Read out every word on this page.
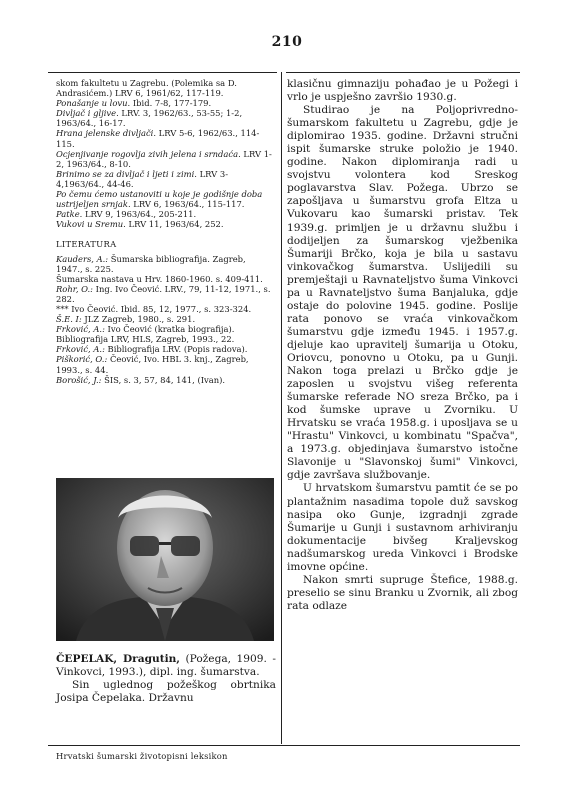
210

skom fakultetu u Zagrebu. (Polemika sa D. Andrasićem.) LRV 6, 1961/62, 117-119.

Ponašanje u lovu. Ibid. 7-8, 177-179.

Divljač i gljive. LRV. 3, 1962/63., 53-55; 1-2, 1963/64., 16-17.

Hrana jelenske divljači. LRV 5-6, 1962/63., 114-115.

Ocjenjivanje rogovlja zivih jelena i srndaća. LRV 1-2, 1963/64., 8-10.

Brinimo se za divljač i ljeti i zimi. LRV 3-4,1963/64., 44-46.

Po čemu ćemo ustanoviti u koje je godišnje doba ustrijeljen srnjak. LRV 6, 1963/64., 115-117.

Patke. LRV 9, 1963/64., 205-211.

Vukovi u Sremu. LRV 11, 1963/64, 252.

LITERATURA

Kauders, A.: Šumarska bibliografija. Zagreb, 1947., s. 225.

Šumarska nastava u Hrv. 1860-1960. s. 409-411.

Rohr, O.: Ing. Ivo Čeović. LRV., 79, 11-12, 1971., s. 282.

*** Ivo Čeović. Ibid. 85, 12, 1977., s. 323-324.

Š.E. I: JLZ Zagreb, 1980., s. 291.

Frković, A.: Ivo Čeović (kratka biografija). Bibliografija LRV, HLS, Zagreb, 1993., 22.

Frković, A.: Bibliografija LRV. (Popis radova).

Piškorić, O.: Čeović, Ivo. HBL 3. knj., Zagreb, 1993., s. 44.

Borošić, J.: ŠIS, s. 3, 57, 84, 141, (Ivan).

ČEPELAK, Dragutin, (Požega, 1909. - Vinkovci, 1993.), dipl. ing. šumarstva.

Sin uglednog požeškog obrtnika Josipa Čepelaka. Državnu

klasičnu gimnaziju pohađao je u Požegi i vrlo je uspješno završio 1930.g.

Studirao je na Poljoprivredno-šumarskom fakultetu u Zagrebu, gdje je diplomirao 1935. godine. Državni stručni ispit šumarske struke položio je 1940. godine. Nakon diplomiranja radi u svojstvu volontera kod Sreskog poglavarstva Slav. Požega. Ubrzo se zapošljava u šumarstvu grofa Eltza u Vukovaru kao šumarski pristav. Tek 1939.g. primljen je u državnu službu i dodijeljen za šumarskog vježbenika Šumariji Brčko, koja je bila u sastavu vinkovačkog šumarstva. Uslijedili su premještaji u Ravnateljstvo šuma Vinkovci pa u Ravnateljstvo šuma Banjaluka, gdje ostaje do polovine 1945. godine. Poslije rata ponovo se vraća vinkovačkom šumarstvu gdje između 1945. i 1957.g. djeluje kao upravitelj šumarija u Otoku, Oriovcu, ponovno u Otoku, pa u Gunji. Nakon toga prelazi u Brčko gdje je zaposlen u svojstvu višeg referenta šumarske referade NO sreza Brčko, pa i kod šumske uprave u Zvorniku. U Hrvatsku se vraća 1958.g. i uposljava se u "Hrastu" Vinkovci, u kombinatu "Spačva", a 1973.g. objedinjava šumarstvo istočne Slavonije u "Slavonskoj šumi" Vinkovci, gdje završava službovanje.

U hrvatskom šumarstvu pamtit će se po plantažnim nasadima topole duž savskog nasipa oko Gunje, izgradnji zgrade Šumarije u Gunji i sustavnom arhiviranju dokumentacije bivšeg Kraljevskog nadšumarskog ureda Vinkovci i Brodske imovne općine.

Nakon smrti supruge Štefice, 1988.g. preselio se sinu Branku u Zvornik, ali zbog rata odlaze

Hrvatski šumarski životopisni leksikon
